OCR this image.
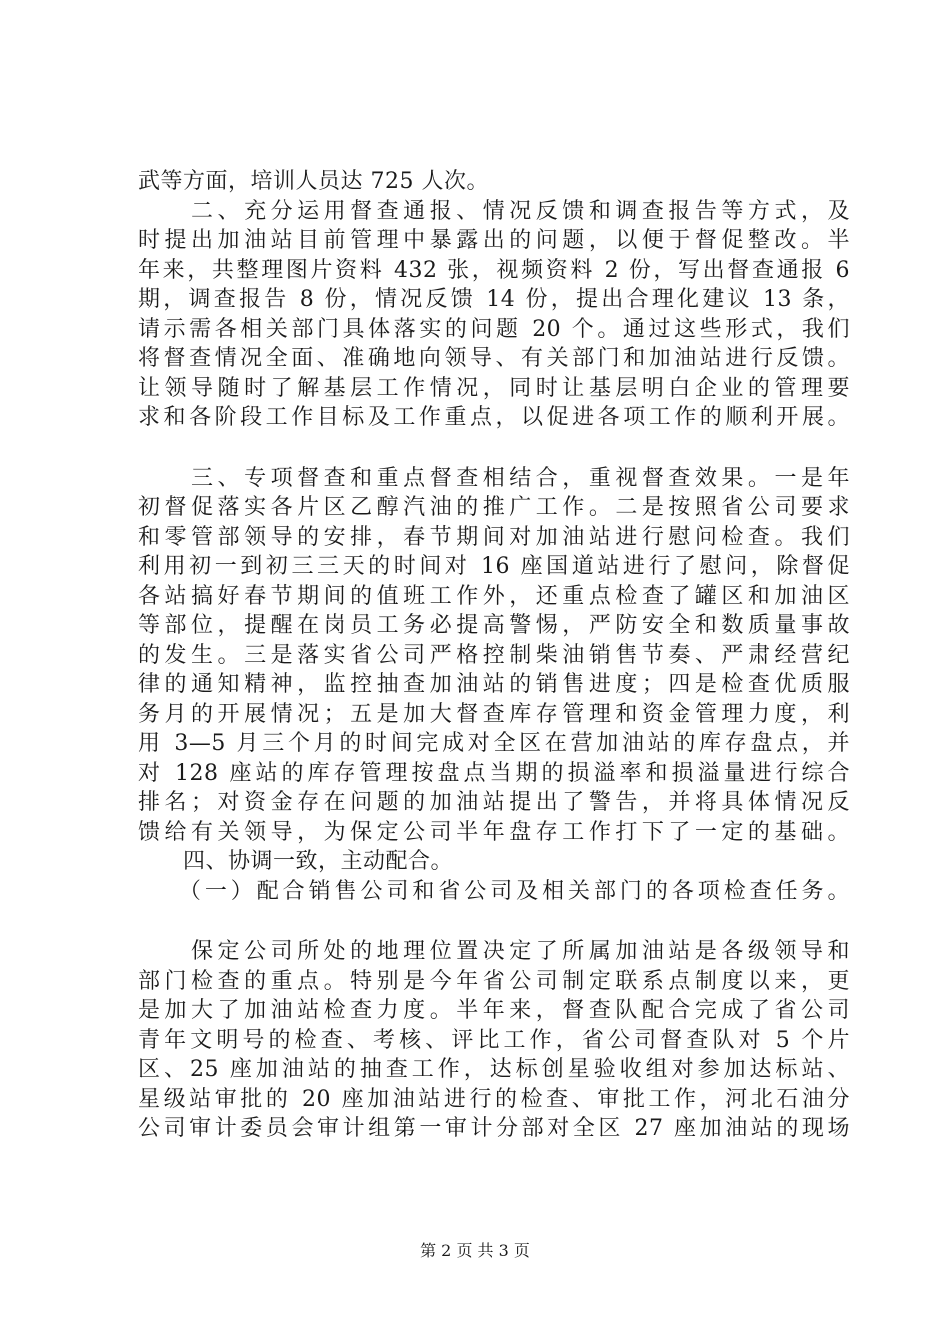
武等方面，培训人员达 725 人次。
　　二、充分运用督查通报、情况反馈和调查报告等方式，及
时提出加油站目前管理中暴露出的问题，以便于督促整改。半
年来，共整理图片资料 432 张，视频资料 2 份，写出督查通报 6
期，调查报告 8 份，情况反馈 14 份，提出合理化建议 13 条，
请示需各相关部门具体落实的问题 20 个。通过这些形式，我们
将督查情况全面、准确地向领导、有关部门和加油站进行反馈。
让领导随时了解基层工作情况，同时让基层明白企业的管理要
求和各阶段工作目标及工作重点，以促进各项工作的顺利开展。
　　三、专项督查和重点督查相结合，重视督查效果。一是年
初督促落实各片区乙醇汽油的推广工作。二是按照省公司要求
和零管部领导的安排，春节期间对加油站进行慰问检查。我们
利用初一到初三三天的时间对 16 座国道站进行了慰问，除督促
各站搞好春节期间的值班工作外，还重点检查了罐区和加油区
等部位，提醒在岗员工务必提高警惕，严防安全和数质量事故
的发生。三是落实省公司严格控制柴油销售节奏、严肃经营纪
律的通知精神，监控抽查加油站的销售进度；四是检查优质服
务月的开展情况；五是加大督查库存管理和资金管理力度，利
用 3—5 月三个月的时间完成对全区在营加油站的库存盘点，并
对 128 座站的库存管理按盘点当期的损溢率和损溢量进行综合
排名；对资金存在问题的加油站提出了警告，并将具体情况反
馈给有关领导，为保定公司半年盘存工作打下了一定的基础。
　　四、协调一致，主动配合。
　　（一）配合销售公司和省公司及相关部门的各项检查任务。
　　保定公司所处的地理位置决定了所属加油站是各级领导和
部门检查的重点。特别是今年省公司制定联系点制度以来，更
是加大了加油站检查力度。半年来，督查队配合完成了省公司
青年文明号的检查、考核、评比工作，省公司督查队对 5 个片
区、25 座加油站的抽查工作，达标创星验收组对参加达标站、
星级站审批的 20 座加油站进行的检查、审批工作，河北石油分
公司审计委员会审计组第一审计分部对全区 27 座加油站的现场
第 2 页 共 3 页
